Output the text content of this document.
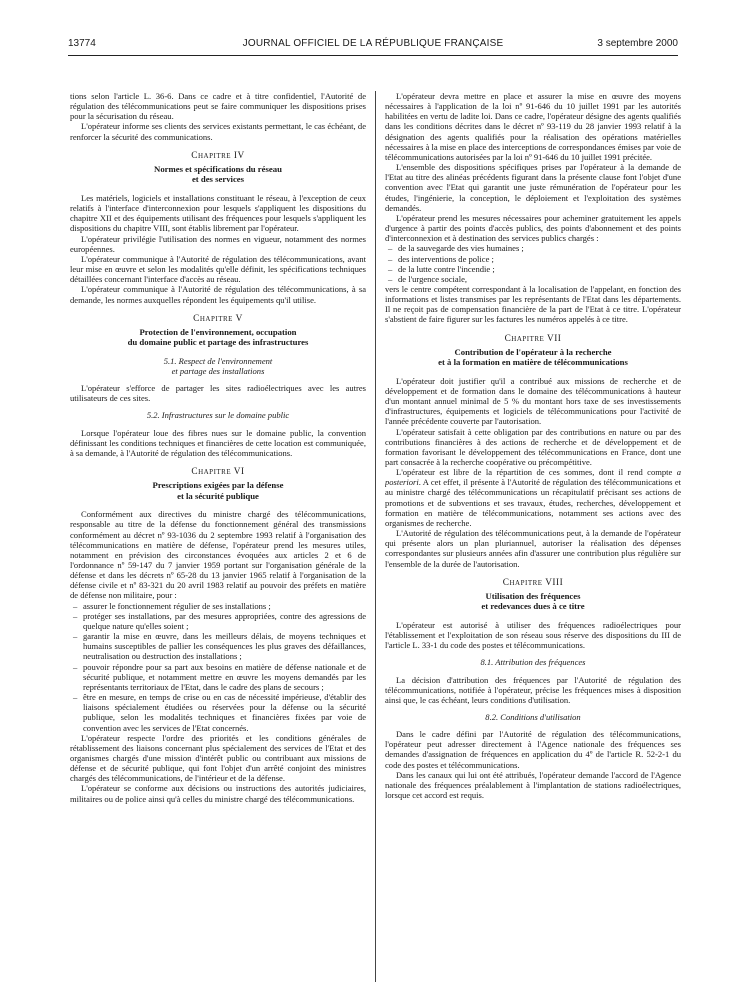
13774	JOURNAL OFFICIEL DE LA RÉPUBLIQUE FRANÇAISE	3 septembre 2000

tions selon l'article L. 36-6. Dans ce cadre et à titre confidentiel, l'Autorité de régulation des télécommunications peut se faire communiquer les dispositions prises pour la sécurisation du réseau.

L'opérateur informe ses clients des services existants permettant, le cas échéant, de renforcer la sécurité des communications.

Chapitre IV
Normes et spécifications du réseau
et des services

Les matériels, logiciels et installations constituant le réseau, à l'exception de ceux relatifs à l'interface d'interconnexion pour lesquels s'appliquent les dispositions du chapitre XII et des équipements utilisant des fréquences pour lesquels s'appliquent les dispositions du chapitre VIII, sont établis librement par l'opérateur.

L'opérateur privilégie l'utilisation des normes en vigueur, notamment des normes européennes.

L'opérateur communique à l'Autorité de régulation des télécommunications, avant leur mise en œuvre et selon les modalités qu'elle définit, les spécifications techniques détaillées concernant l'interface d'accès au réseau.

L'opérateur communique à l'Autorité de régulation des télécommunications, à sa demande, les normes auxquelles répondent les équipements qu'il utilise.

Chapitre V
Protection de l'environnement, occupation
du domaine public et partage des infrastructures
5.1. Respect de l'environnement
et partage des installations

L'opérateur s'efforce de partager les sites radioélectriques avec les autres utilisateurs de ces sites.

5.2. Infrastructures sur le domaine public

Lorsque l'opérateur loue des fibres nues sur le domaine public, la convention définissant les conditions techniques et financières de cette location est communiquée, à sa demande, à l'Autorité de régulation des télécommunications.

Chapitre VI
Prescriptions exigées par la défense
et la sécurité publique

Conformément aux directives du ministre chargé des télécommunications, responsable au titre de la défense du fonctionnement général des transmissions conformément au décret nº 93-1036 du 2 septembre 1993 relatif à l'organisation des télécommunications en matière de défense, l'opérateur prend les mesures utiles, notamment en prévision des circonstances évoquées aux articles 2 et 6 de l'ordonnance nº 59-147 du 7 janvier 1959 portant sur l'organisation générale de la défense et dans les décrets nº 65-28 du 13 janvier 1965 relatif à l'organisation de la défense civile et nº 83-321 du 20 avril 1983 relatif au pouvoir des préfets en matière de défense non militaire, pour :

– assurer le fonctionnement régulier de ses installations ;
– protéger ses installations, par des mesures appropriées, contre des agressions de quelque nature qu'elles soient ;
– garantir la mise en œuvre, dans les meilleurs délais, de moyens techniques et humains susceptibles de pallier les conséquences les plus graves des défaillances, neutralisation ou destruction des installations ;
– pouvoir répondre pour sa part aux besoins en matière de défense nationale et de sécurité publique, et notamment mettre en œuvre les moyens demandés par les représentants territoriaux de l'Etat, dans le cadre des plans de secours ;
– être en mesure, en temps de crise ou en cas de nécessité impérieuse, d'établir des liaisons spécialement étudiées ou réservées pour la défense ou la sécurité publique, selon les modalités techniques et financières fixées par voie de convention avec les services de l'Etat concernés.

L'opérateur respecte l'ordre des priorités et les conditions générales de rétablissement des liaisons concernant plus spécialement des services de l'Etat et des organismes chargés d'une mission d'intérêt public ou contribuant aux missions de défense et de sécurité publique, qui font l'objet d'un arrêté conjoint des ministres chargés des télécommunications, de l'intérieur et de la défense.

L'opérateur se conforme aux décisions ou instructions des autorités judiciaires, militaires ou de police ainsi qu'à celles du ministre chargé des télécommunications.

L'opérateur devra mettre en place et assurer la mise en œuvre des moyens nécessaires à l'application de la loi nº 91-646 du 10 juillet 1991 par les autorités habilitées en vertu de ladite loi. Dans ce cadre, l'opérateur désigne des agents qualifiés dans les conditions décrites dans le décret nº 93-119 du 28 janvier 1993 relatif à la désignation des agents qualifiés pour la réalisation des opérations matérielles nécessaires à la mise en place des interceptions de correspondances émises par voie de télécommunications autorisées par la loi nº 91-646 du 10 juillet 1991 précitée.

L'ensemble des dispositions spécifiques prises par l'opérateur à la demande de l'Etat au titre des alinéas précédents figurant dans la présente clause font l'objet d'une convention avec l'Etat qui garantit une juste rémunération de l'opérateur pour les études, l'ingénierie, la conception, le déploiement et l'exploitation des systèmes demandés.

L'opérateur prend les mesures nécessaires pour acheminer gratuitement les appels d'urgence à partir des points d'accès publics, des points d'abonnement et des points d'interconnexion et à destination des services publics chargés :

– de la sauvegarde des vies humaines ;
– des interventions de police ;
– de la lutte contre l'incendie ;
– de l'urgence sociale,

vers le centre compétent correspondant à la localisation de l'appelant, en fonction des informations et listes transmises par les représentants de l'Etat dans les départements. Il ne reçoit pas de compensation financière de la part de l'Etat à ce titre. L'opérateur s'abstient de faire figurer sur les factures les numéros appelés à ce titre.

Chapitre VII
Contribution de l'opérateur à la recherche
et à la formation en matière de télécommunications

L'opérateur doit justifier qu'il a contribué aux missions de recherche et de développement et de formation dans le domaine des télécommunications à hauteur d'un montant annuel minimal de 5 % du montant hors taxe de ses investissements d'infrastructures, équipements et logiciels de télécommunications pour l'activité de l'année précédente couverte par l'autorisation.

L'opérateur satisfait à cette obligation par des contributions en nature ou par des contributions financières à des actions de recherche et de développement et de formation favorisant le développement des télécommunications en France, dont une part consacrée à la recherche coopérative ou précompétitive.

L'opérateur est libre de la répartition de ces sommes, dont il rend compte a posteriori. A cet effet, il présente à l'Autorité de régulation des télécommunications et au ministre chargé des télécommunications un récapitulatif précisant ses actions de promotions et de subventions et ses travaux, études, recherches, développement et formation en matière de télécommunications, notamment ses actions avec des organismes de recherche.

L'Autorité de régulation des télécommunications peut, à la demande de l'opérateur qui présente alors un plan pluriannuel, autoriser la réalisation des dépenses correspondantes sur plusieurs années afin d'assurer une contribution plus régulière sur l'ensemble de la durée de l'autorisation.

Chapitre VIII
Utilisation des fréquences
et redevances dues à ce titre

L'opérateur est autorisé à utiliser des fréquences radioélectriques pour l'établissement et l'exploitation de son réseau sous réserve des dispositions du III de l'article L. 33-1 du code des postes et télécommunications.

8.1. Attribution des fréquences

La décision d'attribution des fréquences par l'Autorité de régulation des télécommunications, notifiée à l'opérateur, précise les fréquences mises à disposition ainsi que, le cas échéant, leurs conditions d'utilisation.

8.2. Conditions d'utilisation

Dans le cadre défini par l'Autorité de régulation des télécommunications, l'opérateur peut adresser directement à l'Agence nationale des fréquences ses demandes d'assignation de fréquences en application du 4º de l'article R. 52-2-1 du code des postes et télécommunications.

Dans les canaux qui lui ont été attribués, l'opérateur demande l'accord de l'Agence nationale des fréquences préalablement à l'implantation de stations radioélectriques, lorsque cet accord est requis.
